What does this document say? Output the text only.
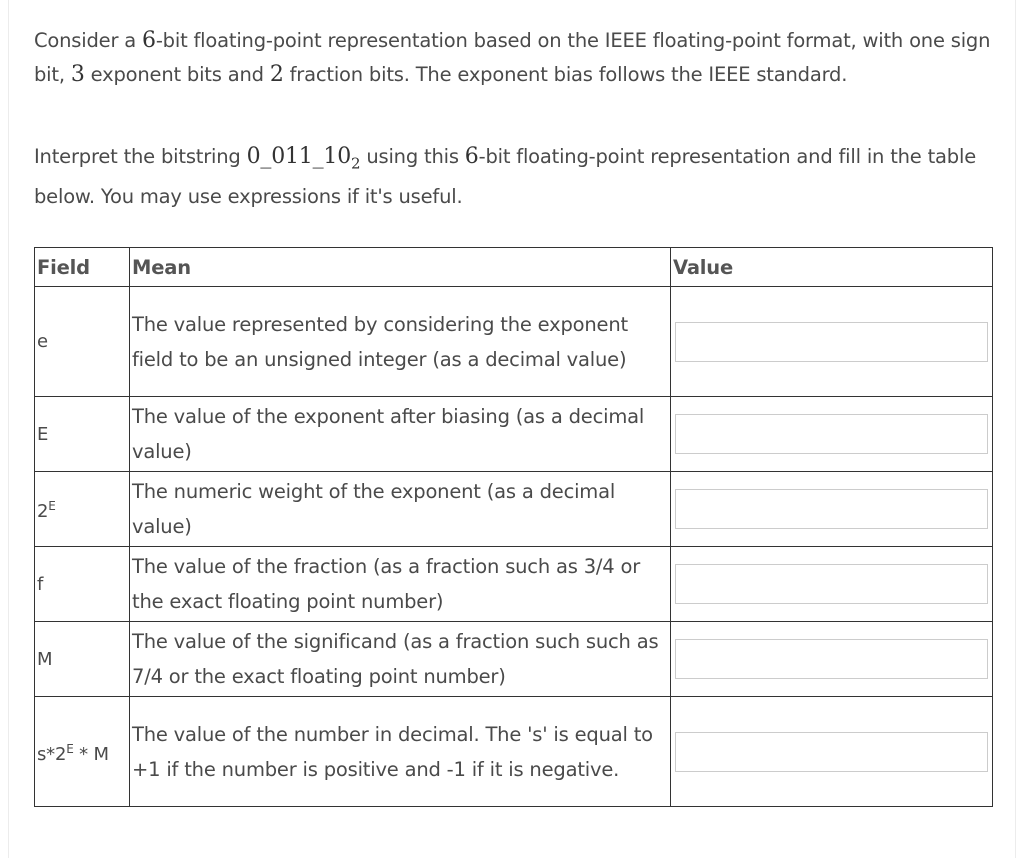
Consider a 6-bit floating-point representation based on the IEEE floating-point format, with one sign bit, 3 exponent bits and 2 fraction bits. The exponent bias follows the IEEE standard.
Interpret the bitstring $0\_011\_10_2$ using this 6-bit floating-point representation and fill in the table below. You may use expressions if it's useful.
Field	Mean	Value
e	The value represented by considering the exponent field to be an unsigned integer (as a decimal value)	

E	The value of the exponent after biasing (as a decimal value)	

$2^E$	The numeric weight of the exponent (as a decimal value)	

f	The value of the fraction (as a fraction such as 3/4 or the exact floating point number)	

M	The value of the significand (as a fraction such such as 7/4 or the exact floating point number)	

$s*2^E$ * M	The value of the number in decimal. The 's' is equal to +1 if the number is positive and -1 if it is negative.	
